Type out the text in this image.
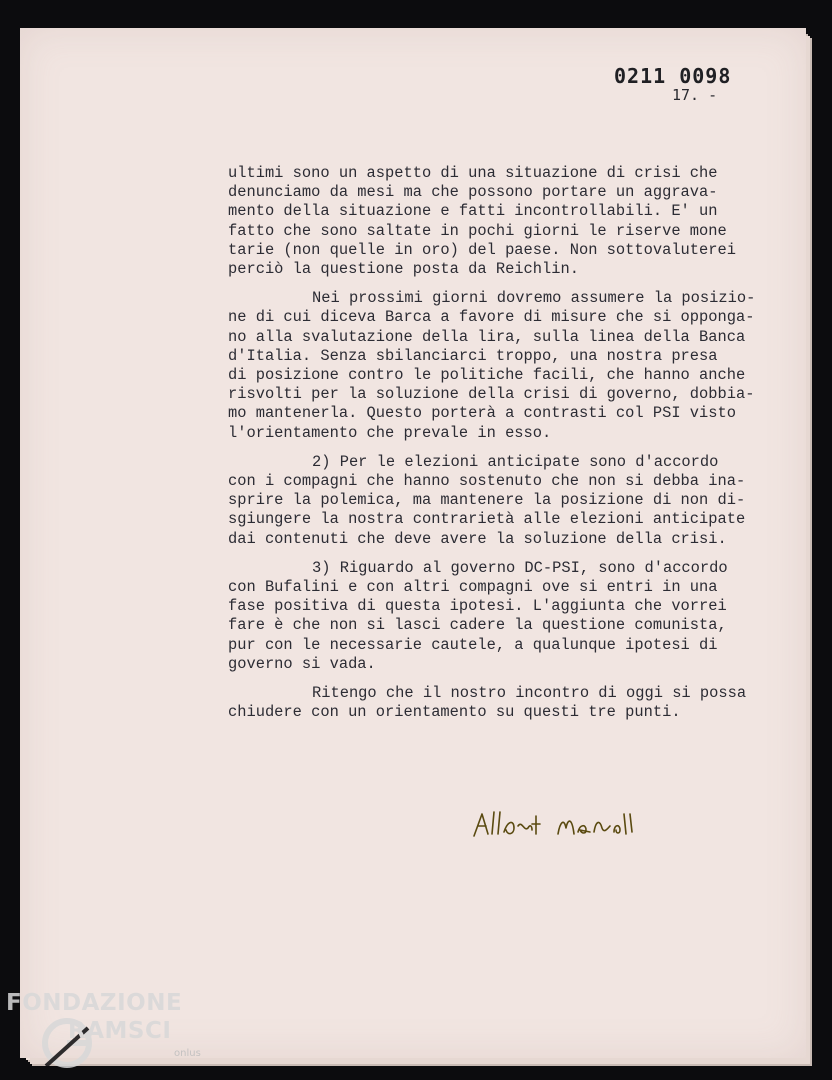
0211 0098

17. -

ultimi sono un aspetto di una situazione di crisi che
denunciamo da mesi ma che possono portare un aggrava-
mento della situazione e fatti incontrollabili. E' un
fatto che sono saltate in pochi giorni le riserve mone
tarie (non quelle in oro) del paese. Non sottovaluterei
perciò la questione posta da Reichlin.
Nei prossimi giorni dovremo assumere la posizio-
ne di cui diceva Barca a favore di misure che si opponga-
no alla svalutazione della lira, sulla linea della Banca
d'Italia. Senza sbilanciarci troppo, una nostra presa
di posizione contro le politiche facili, che hanno anche
risvolti per la soluzione della crisi di governo, dobbia-
mo mantenerla. Questo porterà a contrasti col PSI visto
l'orientamento che prevale in esso.
2) Per le elezioni anticipate sono d'accordo
con i compagni che hanno sostenuto che non si debba ina-
sprire la polemica, ma mantenere la posizione di non di-
sgiungere la nostra contrarietà alle elezioni anticipate
dai contenuti che deve avere la soluzione della crisi.
3) Riguardo al governo DC-PSI, sono d'accordo
con Bufalini e con altri compagni ove si entri in una
fase positiva di questa ipotesi. L'aggiunta che vorrei
fare è che non si lasci cadere la questione comunista,
pur con le necessarie cautele, a qualunque ipotesi di
governo si vada.
Ritengo che il nostro incontro di oggi si possa
chiudere con un orientamento su questi tre punti.
FONDAZIONE
RAMSCI
onlus
